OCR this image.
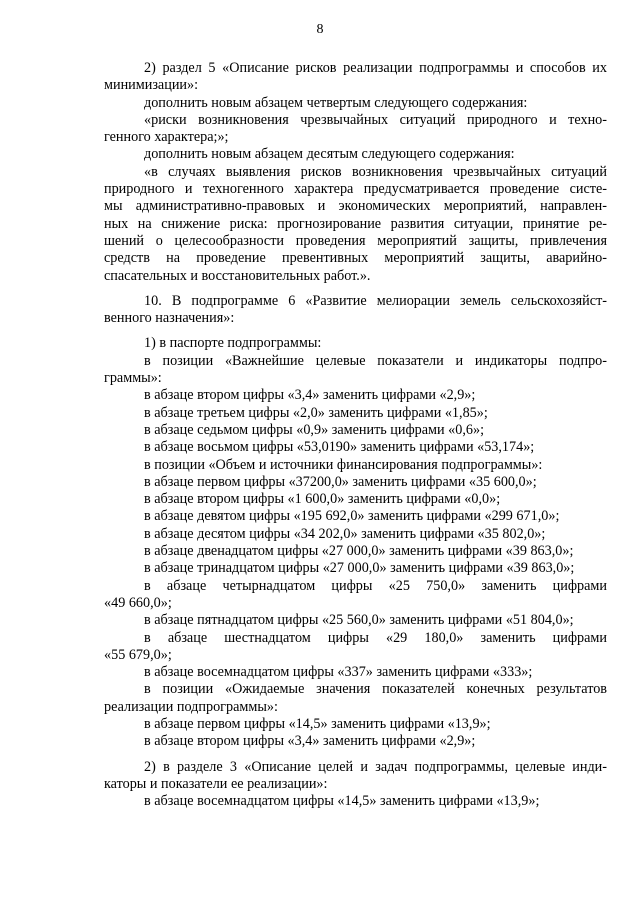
8
2) раздел 5 «Описание рисков реализации подпрограммы и способов их
минимизации»:
дополнить новым абзацем четвертым следующего содержания:
«риски возникновения чрезвычайных ситуаций природного и техно-
генного характера;»;
дополнить новым абзацем десятым следующего содержания:
«в случаях выявления рисков возникновения чрезвычайных ситуаций
природного и техногенного характера предусматривается проведение систе-
мы административно-правовых и экономических мероприятий, направлен-
ных на снижение риска: прогнозирование развития ситуации, принятие ре-
шений о целесообразности проведения мероприятий защиты, привлечения
средств на проведение превентивных мероприятий защиты, аварийно-
спасательных и восстановительных работ.».
10. В подпрограмме 6 «Развитие мелиорации земель сельскохозяйст-
венного назначения»:
1) в паспорте подпрограммы:
в позиции «Важнейшие целевые показатели и индикаторы подпро-
граммы»:
в абзаце втором цифры «3,4» заменить цифрами «2,9»;
в абзаце третьем цифры «2,0» заменить цифрами «1,85»;
в абзаце седьмом цифры «0,9» заменить цифрами «0,6»;
в абзаце восьмом цифры «53,0190» заменить цифрами «53,174»;
в позиции «Объем и источники финансирования подпрограммы»:
в абзаце первом цифры «37200,0» заменить цифрами «35 600,0»;
в абзаце втором цифры «1 600,0» заменить цифрами «0,0»;
в абзаце девятом цифры «195 692,0» заменить цифрами «299 671,0»;
в абзаце десятом цифры «34 202,0» заменить цифрами «35 802,0»;
в абзаце двенадцатом цифры «27 000,0» заменить цифрами «39 863,0»;
в абзаце тринадцатом цифры «27 000,0» заменить цифрами «39 863,0»;
в абзаце четырнадцатом цифры «25 750,0» заменить цифрами
«49 660,0»;
в абзаце пятнадцатом цифры «25 560,0» заменить цифрами «51 804,0»;
в абзаце шестнадцатом цифры «29 180,0» заменить цифрами
«55 679,0»;
в абзаце восемнадцатом цифры «337» заменить цифрами «333»;
в позиции «Ожидаемые значения показателей конечных результатов
реализации подпрограммы»:
в абзаце первом цифры «14,5» заменить цифрами «13,9»;
в абзаце втором цифры «3,4» заменить цифрами «2,9»;
2) в разделе 3 «Описание целей и задач подпрограммы, целевые инди-
каторы и показатели ее реализации»:
в абзаце восемнадцатом цифры «14,5» заменить цифрами «13,9»;
